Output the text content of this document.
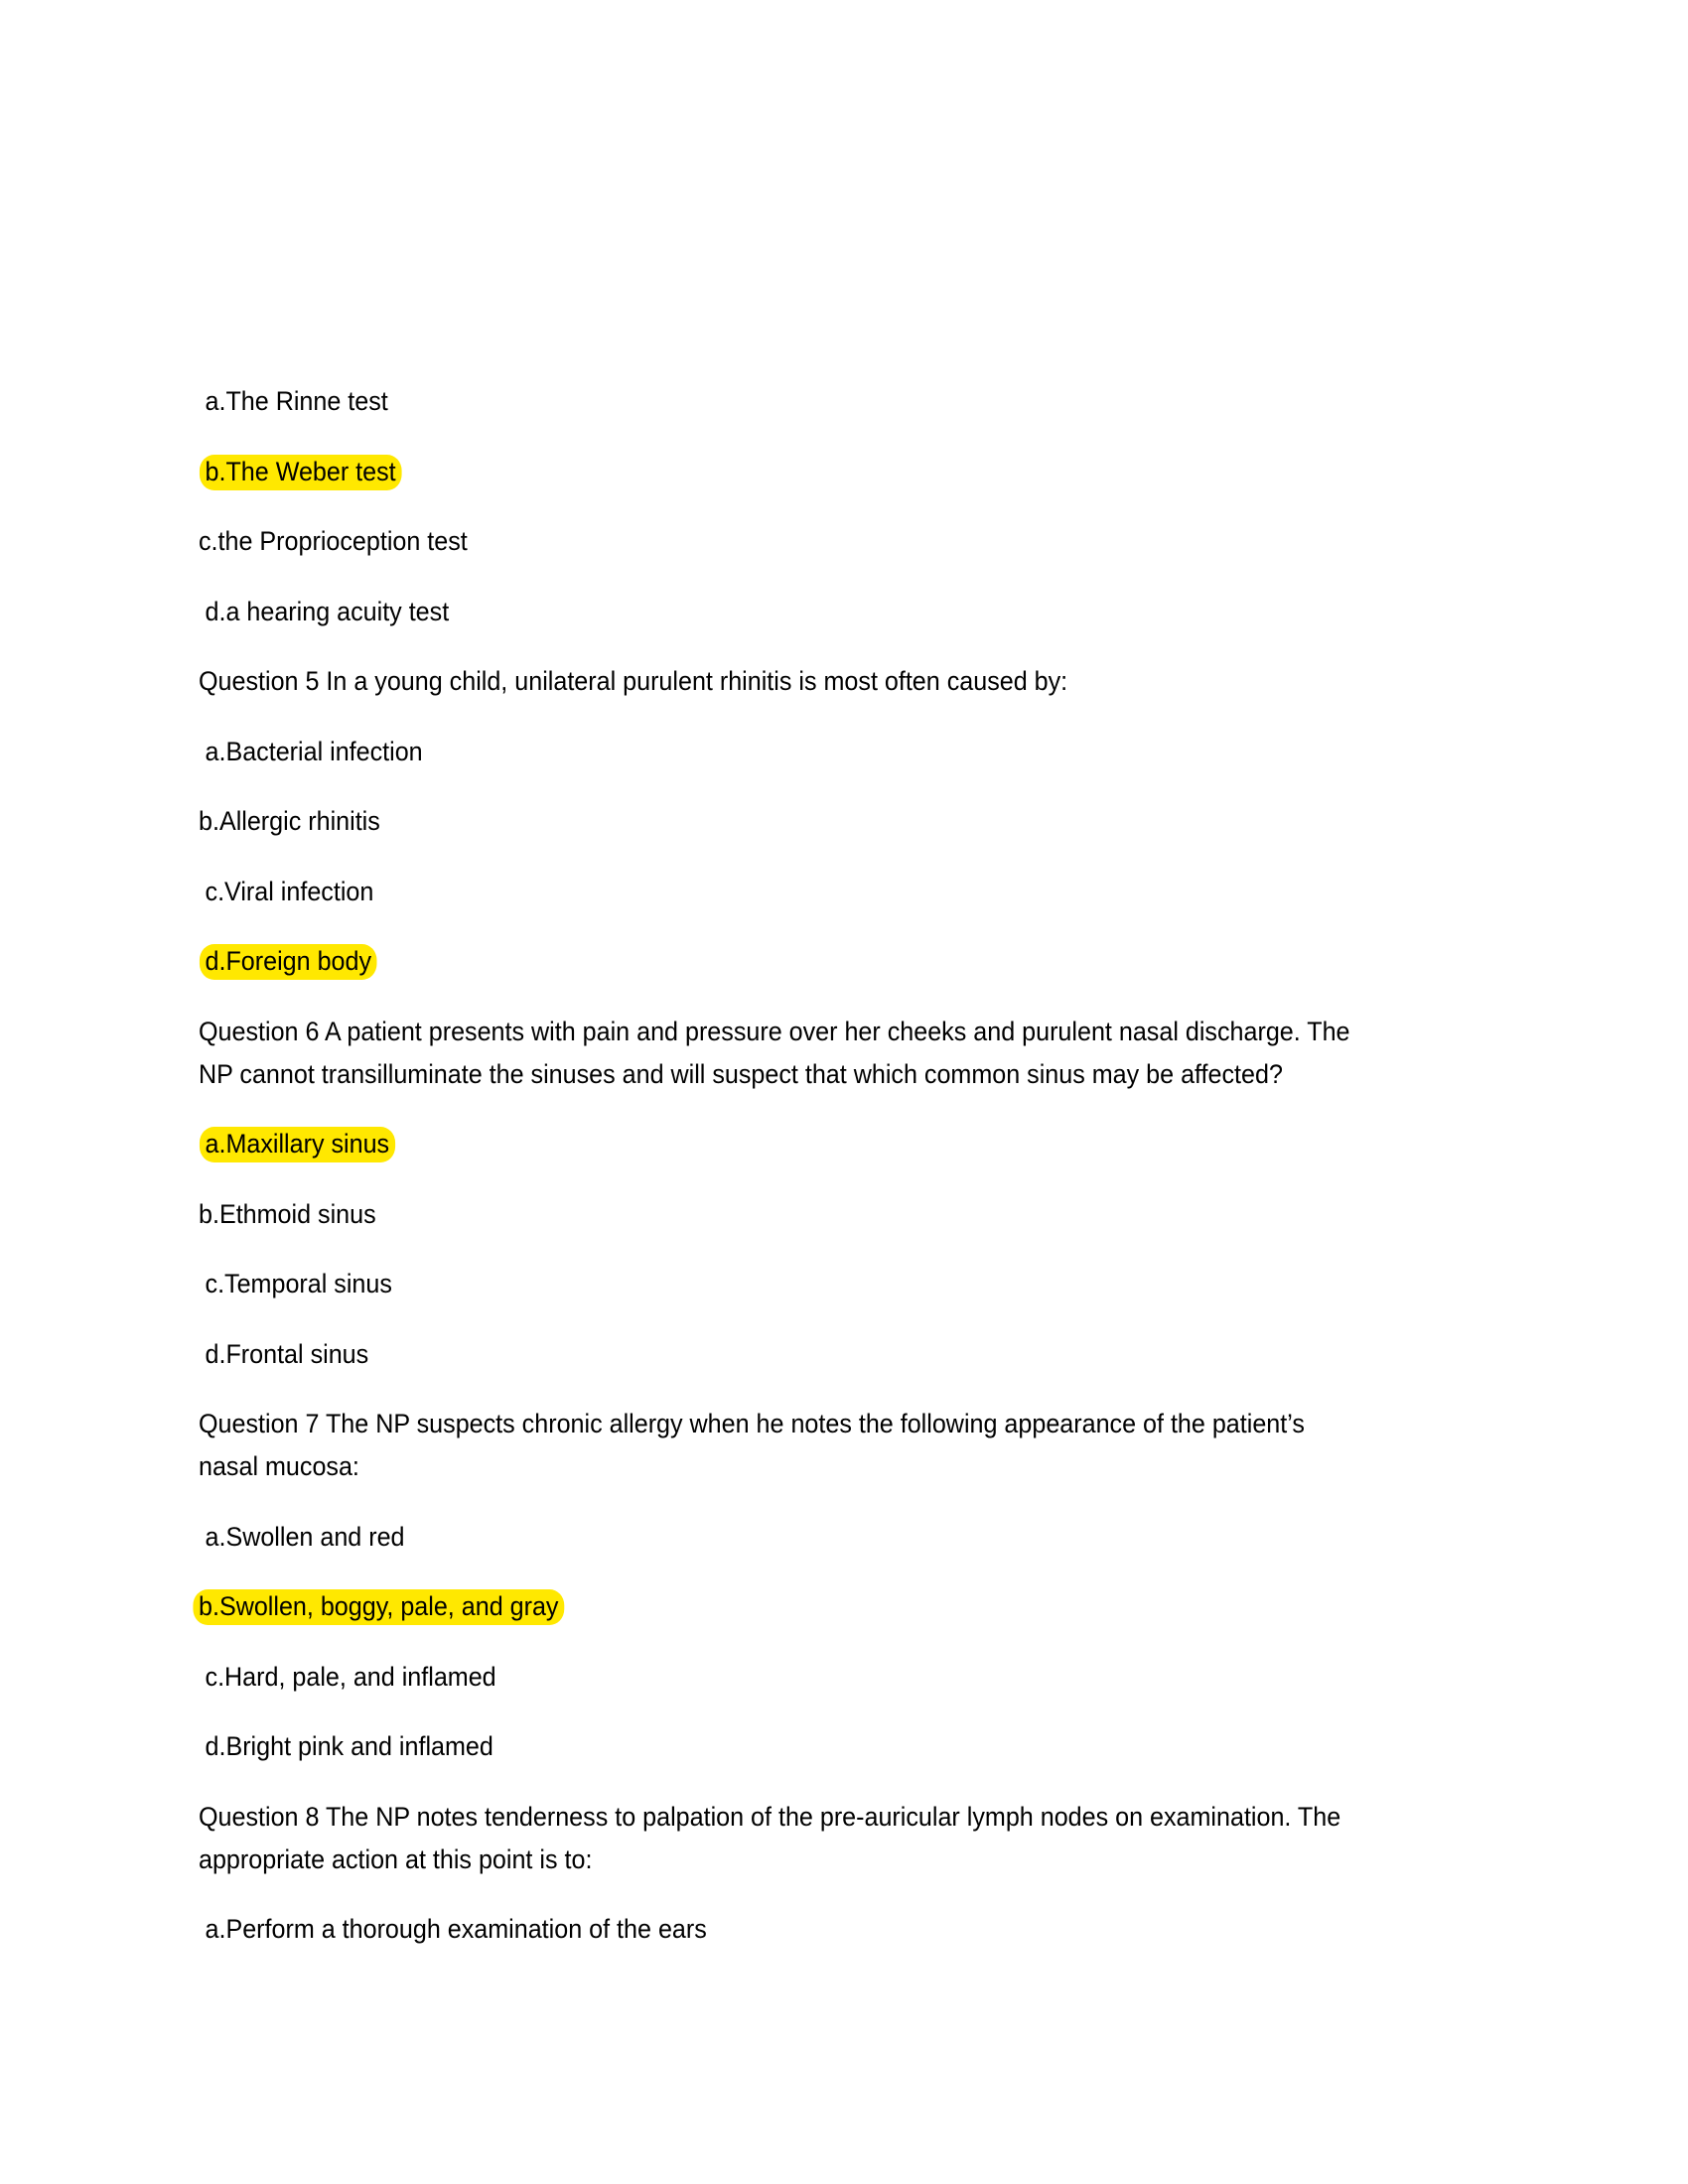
a.The Rinne test
b.The Weber test
c.the Proprioception test
d.a hearing acuity test
Question 5 In a young child, unilateral purulent rhinitis is most often caused by:
a.Bacterial infection
b.Allergic rhinitis
c.Viral infection
d.Foreign body
Question 6 A patient presents with pain and pressure over her cheeks and purulent nasal discharge. The
NP cannot transilluminate the sinuses and will suspect that which common sinus may be affected?
a.Maxillary sinus
b.Ethmoid sinus
c.Temporal sinus
d.Frontal sinus
Question 7 The NP suspects chronic allergy when he notes the following appearance of the patient’s
nasal mucosa:
a.Swollen and red
b.Swollen, boggy, pale, and gray
c.Hard, pale, and inflamed
d.Bright pink and inflamed
Question 8 The NP notes tenderness to palpation of the pre-auricular lymph nodes on examination. The
appropriate action at this point is to:
a.Perform a thorough examination of the ears
